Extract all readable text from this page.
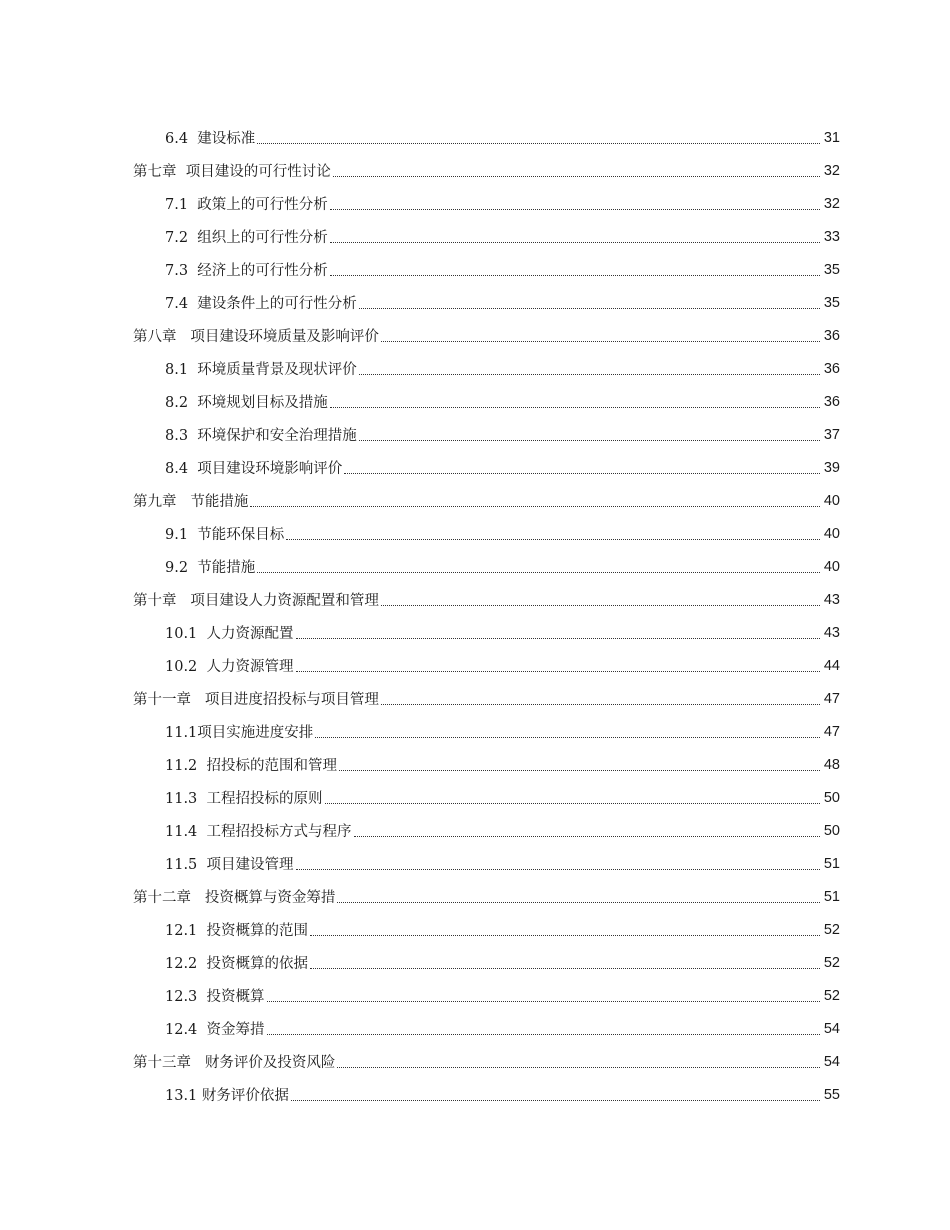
6.4  建设标准	31
第七章  项目建设的可行性讨论	32
7.1  政策上的可行性分析	32
7.2  组织上的可行性分析	33
7.3  经济上的可行性分析	35
7.4  建设条件上的可行性分析	35
第八章   项目建设环境质量及影响评价	36
8.1  环境质量背景及现状评价	36
8.2  环境规划目标及措施	36
8.3  环境保护和安全治理措施	37
8.4  项目建设环境影响评价	39
第九章   节能措施	40
9.1  节能环保目标	40
9.2  节能措施	40
第十章   项目建设人力资源配置和管理	43
10.1  人力资源配置	43
10.2  人力资源管理	44
第十一章   项目进度招投标与项目管理	47
11.1项目实施进度安排	47
11.2  招投标的范围和管理	48
11.3  工程招投标的原则	50
11.4  工程招投标方式与程序	50
11.5  项目建设管理	51
第十二章   投资概算与资金筹措	51
12.1  投资概算的范围	52
12.2  投资概算的依据	52
12.3  投资概算	52
12.4  资金筹措	54
第十三章   财务评价及投资风险	54
13.1 财务评价依据	55
